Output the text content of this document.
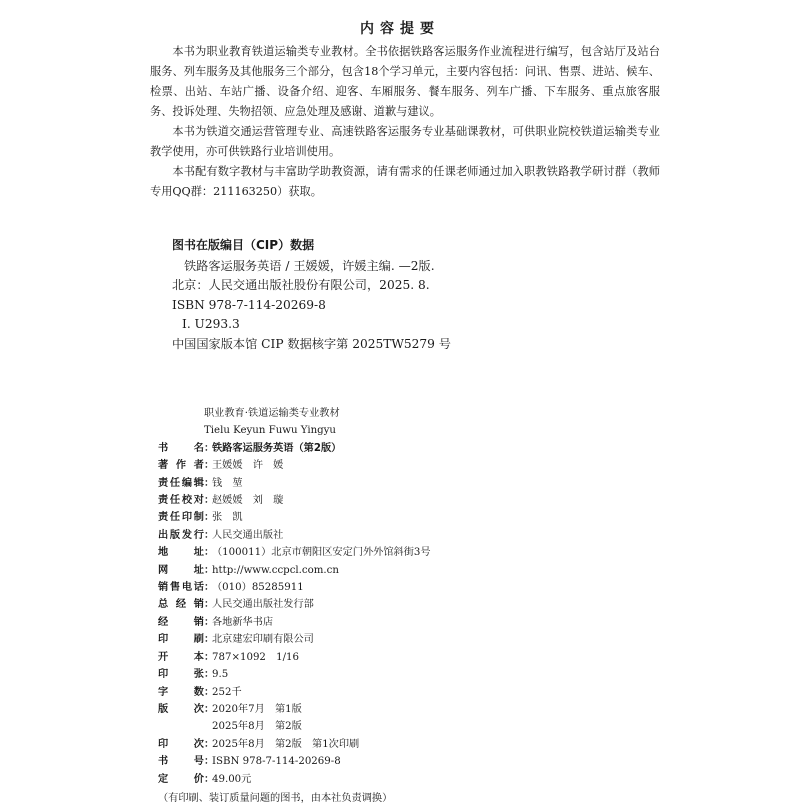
内容提要

本书为职业教育铁道运输类专业教材。全书依据铁路客运服务作业流程进行编写，包含站厅及站台服务、列车服务及其他服务三个部分，包含18个学习单元，主要内容包括：问讯、售票、进站、候车、检票、出站、车站广播、设备介绍、迎客、车厢服务、餐车服务、列车广播、下车服务、重点旅客服务、投诉处理、失物招领、应急处理及感谢、道歉与建议。

本书为铁道交通运营管理专业、高速铁路客运服务专业基础课教材，可供职业院校铁道运输类专业教学使用，亦可供铁路行业培训使用。

本书配有数字教材与丰富助学助教资源，请有需求的任课老师通过加入职教铁路教学研讨群（教师专用QQ群：211163250）获取。

图书在版编目（CIP）数据
铁路客运服务英语 / 王媛媛，许媛主编. —2版.
北京：人民交通出版社股份有限公司，2025. 8.
ISBN 978-7-114-20269-8
Ⅰ. U293.3
中国国家版本馆 CIP 数据核字第 2025TW5279 号
职业教育·铁道运输类专业教材
Tielu Keyun Fuwu Yingyu
书名 ：
铁路客运服务英语（第2版）
著作者 ：
王媛媛　许　媛
责任编辑 ：
钱　堃
责任校对 ：
赵媛媛　刘　璇
责任印制 ：
张　凯
出版发行 ：
人民交通出版社
地址 ：
（100011）北京市朝阳区安定门外外馆斜街3号
网址 ：
http://www.ccpcl.com.cn
销售电话 ：
（010）85285911
总经销 ：
人民交通出版社发行部
经销 ：
各地新华书店
印刷 ：
北京建宏印刷有限公司
开本 ：
787×1092　1/16
印张 ：
9.5
字数 ：
252千
版次 ：
2020年7月　第1版
2025年8月　第2版
印次 ：
2025年8月　第2版　第1次印刷
书号 ：
ISBN 978-7-114-20269-8
定价 ：
49.00元
（有印刷、装订质量问题的图书，由本社负责调换）
